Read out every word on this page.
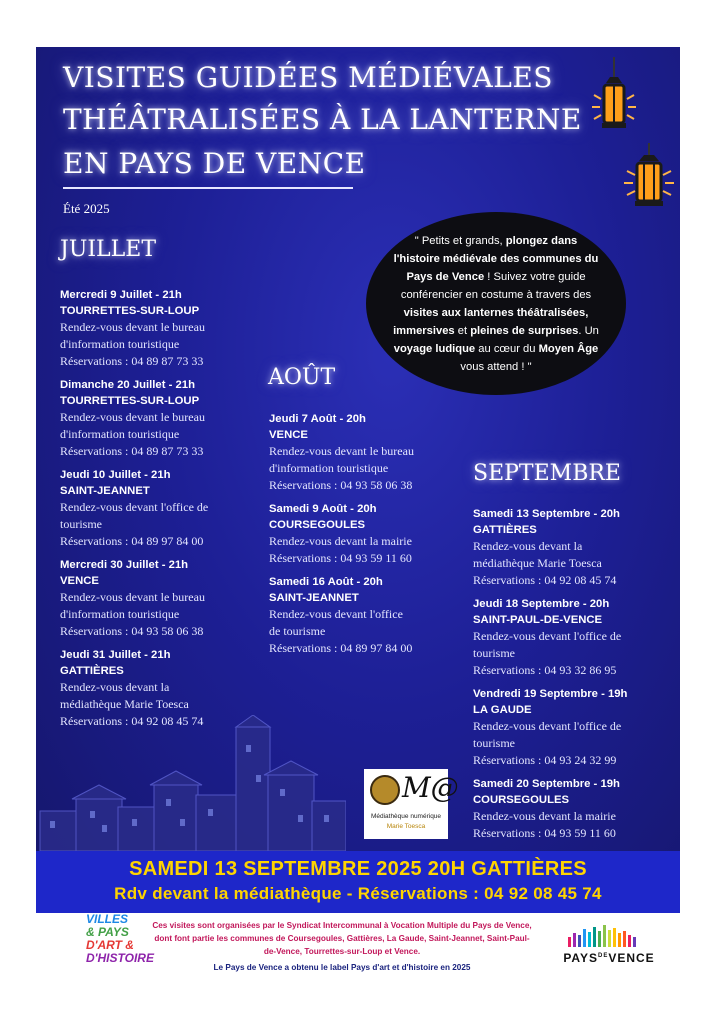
VISITES GUIDÉES MÉDIÉVALES
THÉÂTRALISÉES À LA LANTERNE
EN PAYS DE VENCE
Été 2025

" Petits et grands, plongez dans l'histoire médiévale des communes du Pays de Vence ! Suivez votre guide conférencier en costume à travers des visites aux lanternes théâtralisées, immersives et pleines de surprises. Un voyage ludique au cœur du Moyen Âge vous attend ! "

JUILLET
Mercredi 9 Juillet - 21h
TOURRETTES-SUR-LOUP
Rendez-vous devant le bureau
d'information touristique
Réservations : 04 89 87 73 33
Dimanche 20 Juillet - 21h
TOURRETTES-SUR-LOUP
Rendez-vous devant le bureau
d'information touristique
Réservations : 04 89 87 73 33
Jeudi 10 Juillet - 21h
SAINT-JEANNET
Rendez-vous devant l'office de
tourisme
Réservations : 04 89 97 84 00
Mercredi 30 Juillet - 21h
VENCE
Rendez-vous devant le bureau
d'information touristique
Réservations : 04 93 58 06 38
Jeudi 31 Juillet - 21h
GATTIÈRES
Rendez-vous devant la
médiathèque Marie Toesca
Réservations : 04 92 08 45 74
AOÛT
Jeudi 7 Août - 20h
VENCE
Rendez-vous devant le bureau
d'information touristique
Réservations : 04 93 58 06 38
Samedi 9 Août - 20h
COURSEGOULES
Rendez-vous devant la mairie
Réservations : 04 93 59 11 60
Samedi 16 Août - 20h
SAINT-JEANNET
Rendez-vous devant l'office
de tourisme
Réservations : 04 89 97 84 00
SEPTEMBRE
Samedi 13 Septembre - 20h
GATTIÈRES
Rendez-vous devant la
médiathèque Marie Toesca
Réservations : 04 92 08 45 74
Jeudi 18 Septembre - 20h
SAINT-PAUL-DE-VENCE
Rendez-vous devant l'office de
tourisme
Réservations : 04 93 32 86 95
Vendredi 19 Septembre - 19h
LA GAUDE
Rendez-vous devant l'office de
tourisme
Réservations : 04 93 24 32 99
Samedi 20 Septembre - 19h
COURSEGOULES
Rendez-vous devant la mairie
Réservations : 04 93 59 11 60
M@
Médiathèque numérique
Marie Toesca
SAMEDI 13 SEPTEMBRE 2025 20H GATTIÈRES
Rdv devant la médiathèque - Réservations : 04 92 08 45 74
VILLES
& PAYS
D'ART &
D'HISTOIRE
Ces visites sont organisées par le Syndicat Intercommunal à Vocation Multiple du Pays de Vence,
dont font partie les communes de Coursegoules, Gattières, La Gaude, Saint-Jeannet, Saint-Paul-
de-Vence, Tourrettes-sur-Loup et Vence.
Le Pays de Vence a obtenu le label Pays d'art et d'histoire en 2025
$PAYS^{DE}VENCE$
